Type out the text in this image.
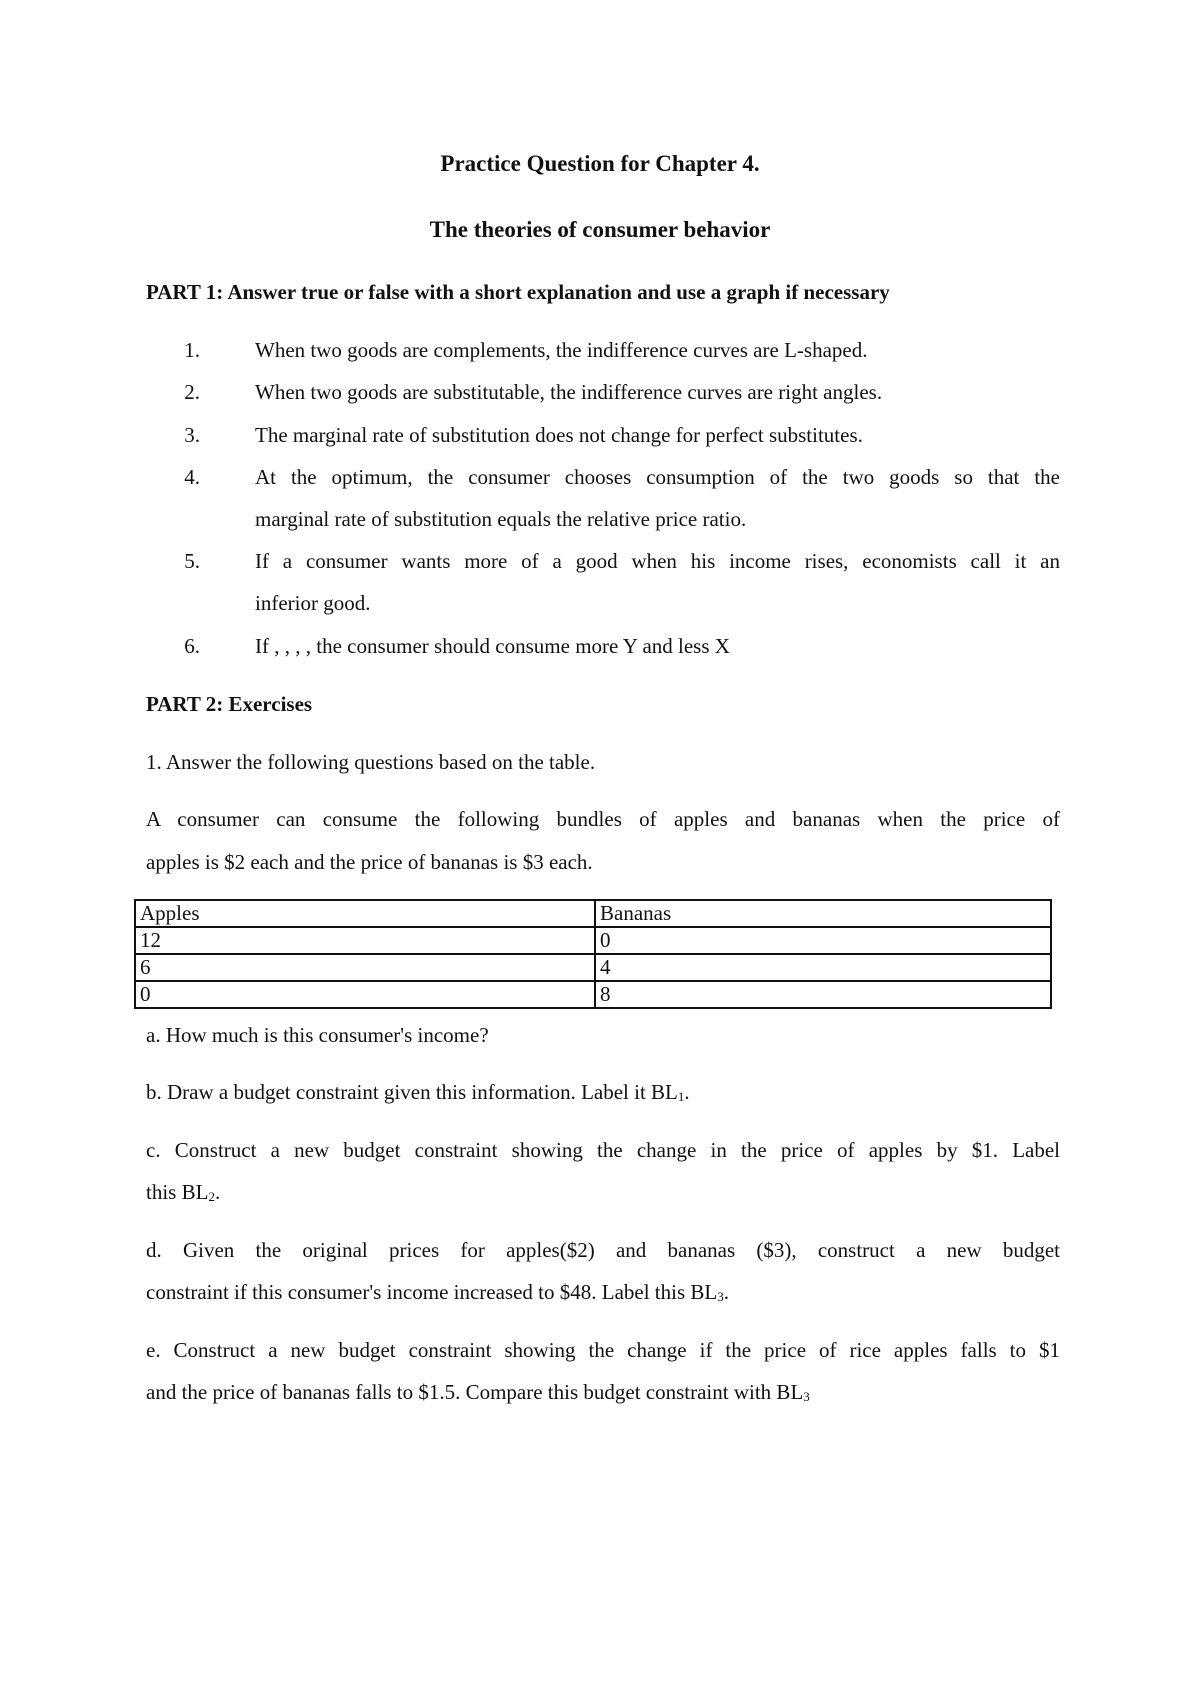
Practice Question for Chapter 4.
The theories of consumer behavior
PART 1: Answer true or false with a short explanation and use a graph if necessary
1.	When two goods are complements, the indifference curves are L-shaped.
2.	When two goods are substitutable, the indifference curves are right angles.
3.	The marginal rate of substitution does not change for perfect substitutes.
4.	At the optimum, the consumer chooses consumption of the two goods so that the
marginal rate of substitution equals the relative price ratio.
5.	If a consumer wants more of a good when his income rises, economists call it an
inferior good.
6.	If , , , , the consumer should consume more Y and less X
PART 2: Exercises
1. Answer the following questions based on the table.
A consumer can consume the following bundles of apples and bananas when the price of
apples is $2 each and the price of bananas is $3 each.
Apples	Bananas
12	0
6	4
0	8
a. How much is this consumer's income?
b. Draw a budget constraint given this information. Label it $BL_1$.
c. Construct a new budget constraint showing the change in the price of apples by $1. Label
this $BL_2$.
d. Given the original prices for apples($2) and bananas ($3), construct a new budget
constraint if this consumer's income increased to $48. Label this $BL_3$.
e. Construct a new budget constraint showing the change if the price of rice apples falls to $1
and the price of bananas falls to $1.5. Compare this budget constraint with $BL_3$
